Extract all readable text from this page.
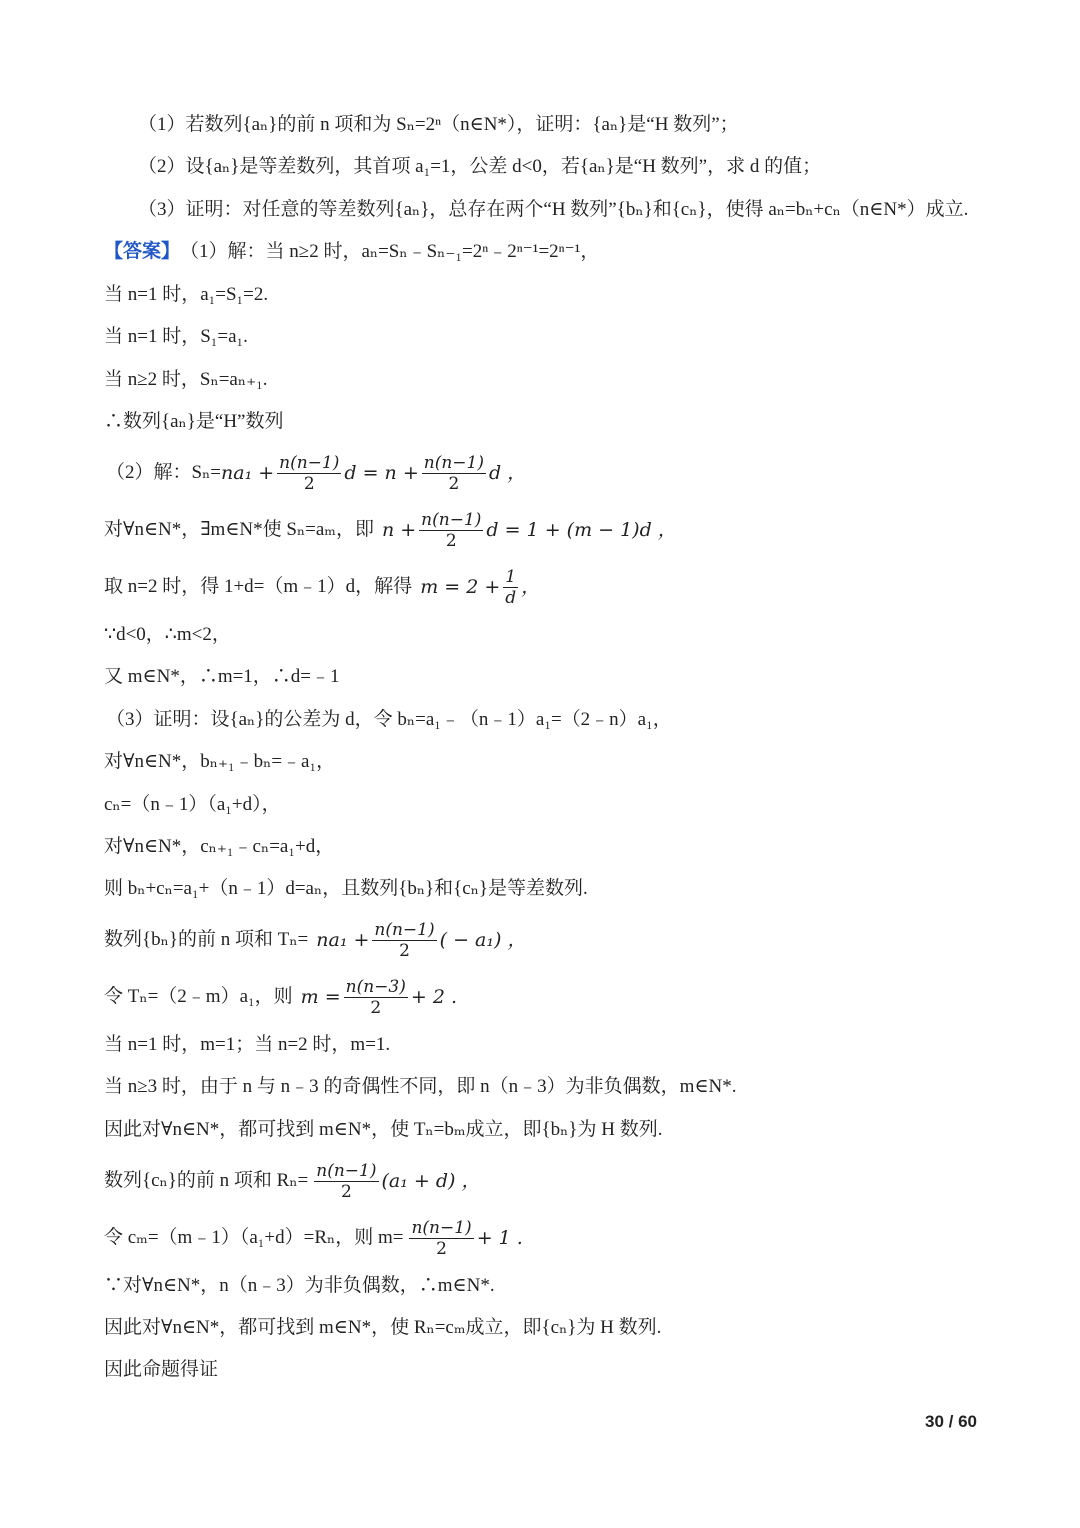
（1）若数列{aₙ}的前 n 项和为 Sₙ=2ⁿ（n∈N*），证明：{aₙ}是“H 数列”；
（2）设{aₙ}是等差数列，其首项 a₁=1，公差 d<0，若{aₙ}是“H 数列”，求 d 的值；
（3）证明：对任意的等差数列{aₙ}，总存在两个“H 数列”{bₙ}和{cₙ}，使得 aₙ=bₙ+cₙ（n∈N*）成立.
【答案】 （1）解：当 n≥2 时，aₙ=Sₙ﹣Sₙ₋₁=2ⁿ﹣2ⁿ⁻¹=2ⁿ⁻¹，
当 n=1 时，a₁=S₁=2.
当 n=1 时，S₁=a₁.
当 n≥2 时，Sₙ=aₙ₊₁.
∴数列{aₙ}是“H”数列
（2）解：$S_n= na_1 + \frac{n(n-1)}{2}$ $d = n + \frac{n(n-1)}{2}$ d ，
对∀n∈N*，∃m∈N*使 Sₙ=aₘ，即 $n + \frac{n(n-1)}{2}$ d = 1 + (m − 1)d ，
取 n=2 时，得 1+d=（m﹣1）d，解得 $m = 2 + \frac{1}{d}$ ，
∵d<0，∴m<2，
又 m∈N*，∴m=1，∴d=﹣1
（3）证明：设{aₙ}的公差为 d，令 bₙ=a₁﹣（n﹣1）a₁=（2﹣n）a₁，
对∀n∈N*，bₙ₊₁﹣bₙ=﹣a₁，
cₙ=（n﹣1）（a₁+d），
对∀n∈N*，cₙ₊₁﹣cₙ=a₁+d，
则 bₙ+cₙ=a₁+（n﹣1）d=aₙ，且数列{bₙ}和{cₙ}是等差数列.
数列{bₙ}的前 n 项和 $T_n= na_1 + \frac{n(n-1)}{2}$ ( − a₁) ，
令 Tₙ=（2﹣m）a₁，则 $m = \frac{n(n-3)}{2} + 2$ .
当 n=1 时，m=1；当 n=2 时，m=1.
当 n≥3 时，由于 n 与 n﹣3 的奇偶性不同，即 n（n﹣3）为非负偶数，m∈N*.
因此对∀n∈N*，都可找到 m∈N*，使 Tₙ=bₘ成立，即{bₙ}为 H 数列.
数列{cₙ}的前 n 项和 $R_n= \frac{n(n-1)}{2} (a_1 + d)$ ，
令 cₘ=（m﹣1）（a₁+d）=Rₙ，则 $m= \frac{n(n-1)}{2} + 1$ .
∵对∀n∈N*，n（n﹣3）为非负偶数，∴m∈N*.
因此对∀n∈N*，都可找到 m∈N*，使 Rₙ=cₘ成立，即{cₙ}为 H 数列.
因此命题得证
30 / 60
